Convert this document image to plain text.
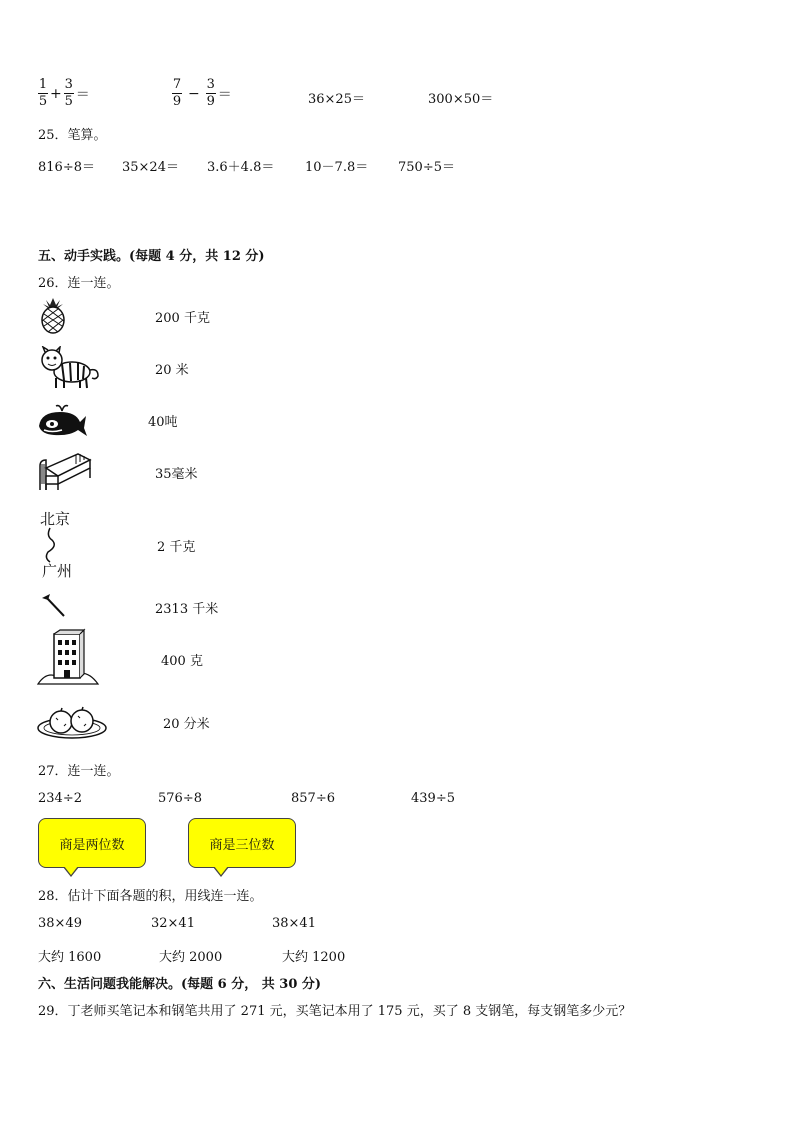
$\frac{1}{5} + \frac{3}{5}$ ＝	$\frac{7}{9} - \frac{3}{9}$ ＝	36×25＝	300×50＝
25．笔算。
816÷8＝ 35×24＝ 3.6＋4.8＝ 10－7.8＝ 750÷5＝
五、动手实践。(每题 4 分，共 12 分)
26．连一连。
北京
广州
200 千克
20 米
40吨
35毫米
2 千克
2313 千米
400 克
20 分米
27．连一连。
234÷2	576÷8	857÷6	439÷5
商是两位数	商是三位数
28．估计下面各题的积，用线连一连。
38×49	32×41	38×41
大约 1600	大约 2000	大约 1200
六、生活问题我能解决。(每题 6 分， 共 30 分)
29．丁老师买笔记本和钢笔共用了 271 元，买笔记本用了 175 元，买了 8 支钢笔，每支钢笔多少元？
